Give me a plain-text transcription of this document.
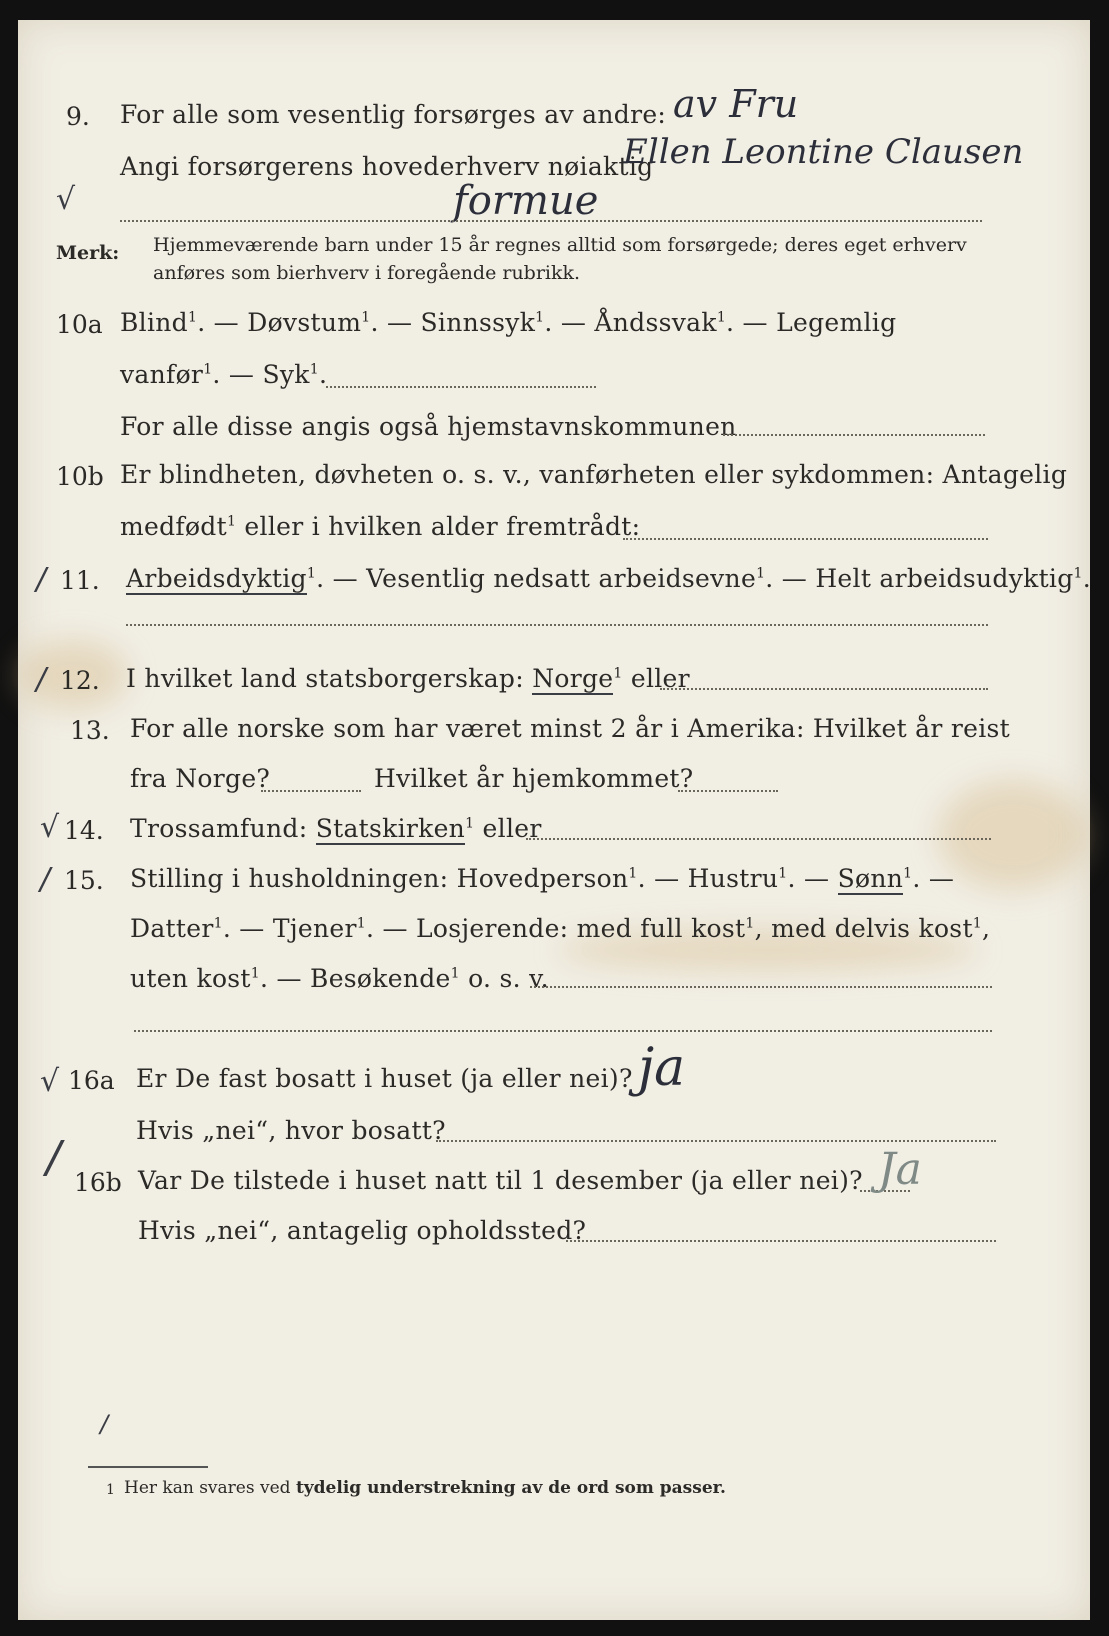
9. For alle som vesentlig forsørges av andre: av Fru
Angi forsørgerens hovederhverv nøiaktig
Ellen Leontine Clausen
√	formue
Merk: Hjemmeværende barn under 15 år regnes alltid som forsørgede; deres eget erhverv
anføres som bierhverv i foregående rubrikk.
10a Blind$^1$. — Døvstum$^1$. — Sinnssyk$^1$. — Åndssvak$^1$. — Legemlig
vanfør$^1$. — Syk$^1$.
For alle disse angis også hjemstavnskommunen
10b Er blindheten, døvheten o. s. v., vanførheten eller sykdommen: Antagelig
medfødt$^1$ eller i hvilken alder fremtrådt:
/ 11. Arbeidsdyktig$^1$. — Vesentlig nedsatt arbeidsevne$^1$. — Helt arbeidsudyktig$^1$.
/ 12. I hvilket land statsborgerskap: Norge$^1$ eller
13. For alle norske som har været minst 2 år i Amerika: Hvilket år reist
fra Norge?	Hvilket år hjemkommet?
√ 14. Trossamfund: Statskirken$^1$ eller
/ 15. Stilling i husholdningen: Hovedperson$^1$. — Hustru$^1$. — Sønn$^1$. —
Datter$^1$. — Tjener$^1$. — Losjerende: med full kost$^1$, med delvis kost$^1$,
uten kost$^1$. — Besøkende$^1$ o. s. v.
√ 16a Er De fast bosatt i huset (ja eller nei)? ja
Hvis „nei“, hvor bosatt?
/ 16b Var De tilstede i huset natt til 1 desember (ja eller nei)? Ja
Hvis „nei“, antagelig opholdssted?
/
1 Her kan svares ved tydelig understrekning av de ord som passer.
